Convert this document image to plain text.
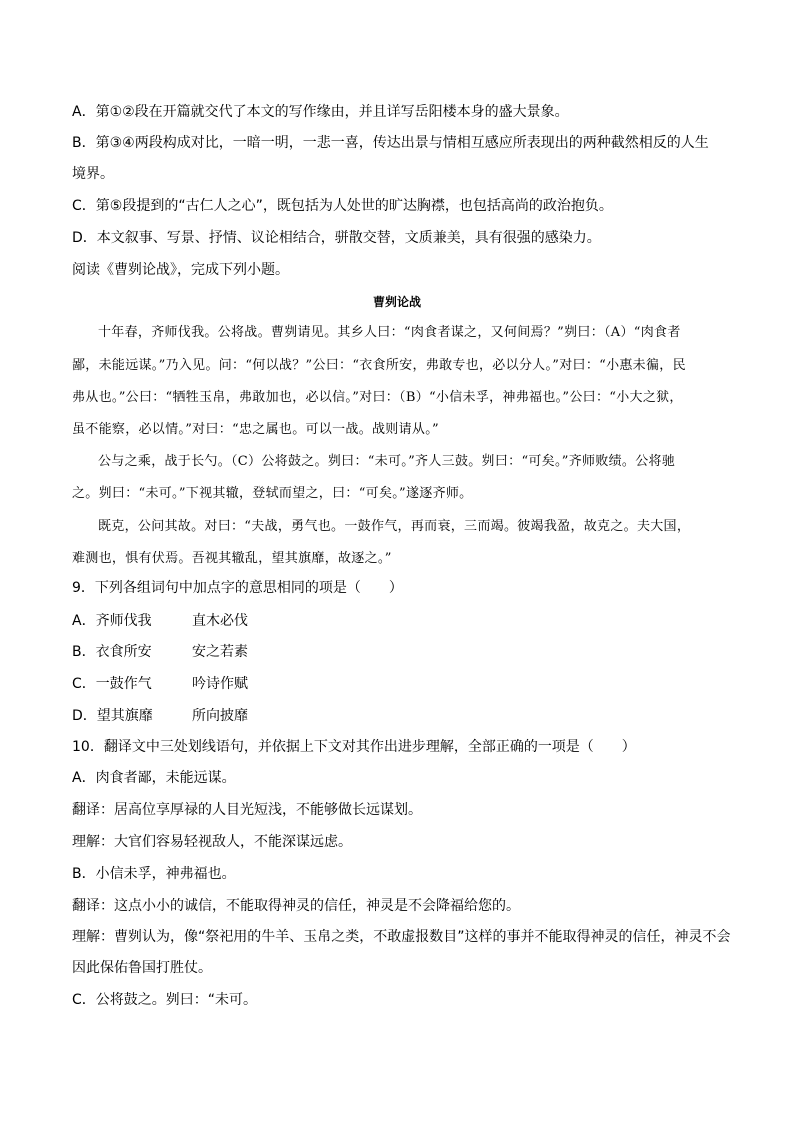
A．第①②段在开篇就交代了本文的写作缘由，并且详写岳阳楼本身的盛大景象。
B．第③④两段构成对比，一暗一明，一悲一喜，传达出景与情相互感应所表现出的两种截然相反的人生
境界。
C．第⑤段提到的“古仁人之心”，既包括为人处世的旷达胸襟，也包括高尚的政治抱负。
D．本文叙事、写景、抒情、议论相结合，骈散交替，文质兼美，具有很强的感染力。
阅读《曹刿论战》，完成下列小题。
曹刿论战
十年春，齐师伐我。公将战。曹刿请见。其乡人曰：“肉食者谋之，又何间焉？”刿曰：（A）“肉食者
鄙，未能远谋。”乃入见。问：“何以战？”公曰：“衣食所安，弗敢专也，必以分人。”对曰：“小惠未徧，民
弗从也。”公曰：“牺牲玉帛，弗敢加也，必以信。”对曰：（B）“小信未孚，神弗福也。”公曰：“小大之狱，
虽不能察，必以情。”对曰：“忠之属也。可以一战。战则请从。”
公与之乘，战于长勺。（C）公将鼓之。刿曰：“未可。”齐人三鼓。刿曰：“可矣。”齐师败绩。公将驰
之。刿曰：“未可。”下视其辙，登轼而望之，曰：“可矣。”遂逐齐师。
既克，公问其故。对曰：“夫战，勇气也。一鼓作气，再而衰，三而竭。彼竭我盈，故克之。夫大国，
难测也，惧有伏焉。吾视其辙乱，望其旗靡，故逐之。”
9．下列各组词句中加点字的意思相同的项是（　　）
A．齐师伐我	直木必伐
B．衣食所安	安之若素
C．一鼓作气	吟诗作赋
D．望其旗靡	所向披靡
10．翻译文中三处划线语句，并依据上下文对其作出进步理解，全部正确的一项是（　　）
A．肉食者鄙，未能远谋。
翻译：居高位享厚禄的人目光短浅，不能够做长远谋划。
理解：大官们容易轻视敌人，不能深谋远虑。
B．小信未孚，神弗福也。
翻译：这点小小的诚信，不能取得神灵的信任，神灵是不会降福给您的。
理解：曹刿认为，像“祭祀用的牛羊、玉帛之类，不敢虚报数目”这样的事并不能取得神灵的信任，神灵不会
因此保佑鲁国打胜仗。
C．公将鼓之。刿曰：“未可。
